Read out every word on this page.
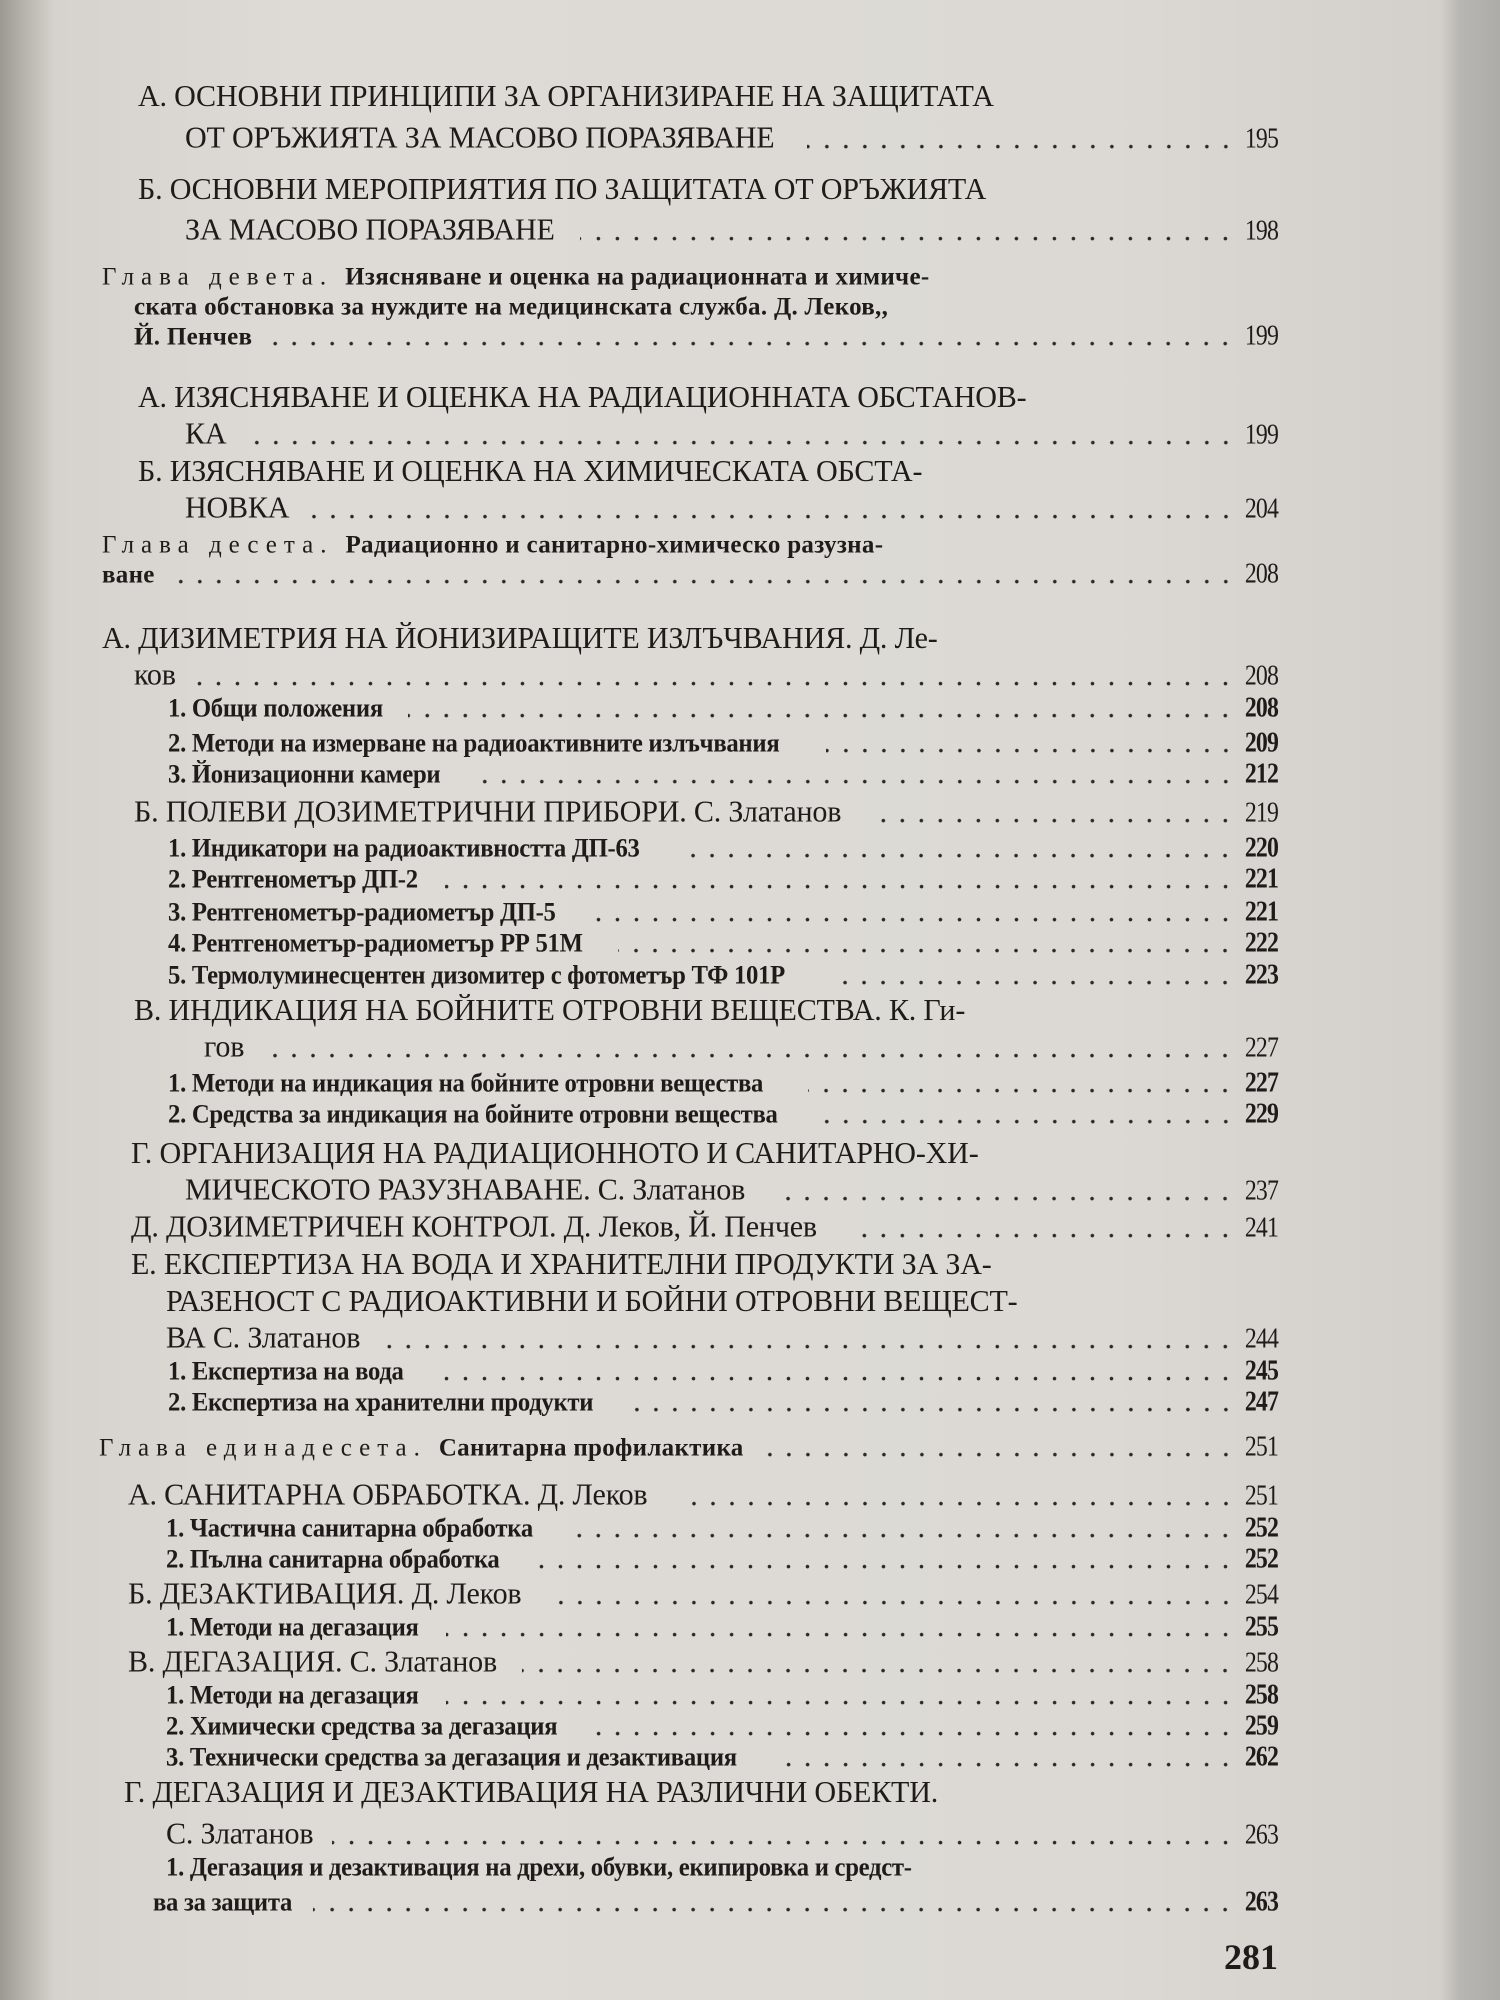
А. ОСНОВНИ ПРИНЦИПИ ЗА ОРГАНИЗИРАНЕ НА ЗАЩИТАТА
ОТ ОРЪЖИЯТА ЗА МАСОВО ПОРАЗЯВАНЕ	195
Б. ОСНОВНИ МЕРОПРИЯТИЯ ПО ЗАЩИТАТА ОТ ОРЪЖИЯТА
ЗА МАСОВО ПОРАЗЯВАНЕ	198
Глава девета. Изясняване и оценка на радиационната и химиче-
ската обстановка за нуждите на медицинската служба. Д. Леков,,
Й. Пенчев	199
А. ИЗЯСНЯВАНЕ И ОЦЕНКА НА РАДИАЦИОННАТА ОБСТАНОВ-
КА	199
Б. ИЗЯСНЯВАНЕ И ОЦЕНКА НА ХИМИЧЕСКАТА ОБСТА-
НОВКА	204
Глава десета. Радиационно и санитарно-химическо разузна-
ване	208
А. ДИЗИМЕТРИЯ НА ЙОНИЗИРАЩИТЕ ИЗЛЪЧВАНИЯ. Д. Ле-
ков	208
1. Общи положения	208
2. Методи на измерване на радиоактивните излъчвания	209
3. Йонизационни камери	212
Б. ПОЛЕВИ ДОЗИМЕТРИЧНИ ПРИБОРИ. С. Златанов	219
1. Индикатори на радиоактивността ДП-63	220
2. Рентгенометър ДП-2	221
3. Рентгенометър-радиометър ДП-5	221
4. Рентгенометър-радиометър РР 51М	222
5. Термолуминесцентен дизомитер с фотометър ТФ 101Р	223
В. ИНДИКАЦИЯ НА БОЙНИТЕ ОТРОВНИ ВЕЩЕСТВА. К. Ги-
гов	227
1. Методи на индикация на бойните отровни вещества	227
2. Средства за индикация на бойните отровни вещества	229
Г. ОРГАНИЗАЦИЯ НА РАДИАЦИОННОТО И САНИТАРНО-ХИ-
МИЧЕСКОТО РАЗУЗНАВАНЕ. С. Златанов	237
Д. ДОЗИМЕТРИЧЕН КОНТРОЛ. Д. Леков, Й. Пенчев	241
Е. ЕКСПЕРТИЗА НА ВОДА И ХРАНИТЕЛНИ ПРОДУКТИ ЗА ЗА-
РАЗЕНОСТ С РАДИОАКТИВНИ И БОЙНИ ОТРОВНИ ВЕЩЕСТ-
ВА С. Златанов	244
1. Експертиза на вода	245
2. Експертиза на хранителни продукти	247
Глава единадесета. Санитарна профилактика	251
А. САНИТАРНА ОБРАБОТКА. Д. Леков	251
1. Частична санитарна обработка	252
2. Пълна санитарна обработка	252
Б. ДЕЗАКТИВАЦИЯ. Д. Леков	254
1. Методи на дегазация	255
В. ДЕГАЗАЦИЯ. С. Златанов	258
1. Методи на дегазация	258
2. Химически средства за дегазация	259
3. Технически средства за дегазация и дезактивация	262
Г. ДЕГАЗАЦИЯ И ДЕЗАКТИВАЦИЯ НА РАЗЛИЧНИ ОБЕКТИ.
С. Златанов	263
1. Дегазация и дезактивация на дрехи, обувки, екипировка и средст-
ва за защита	263
281
